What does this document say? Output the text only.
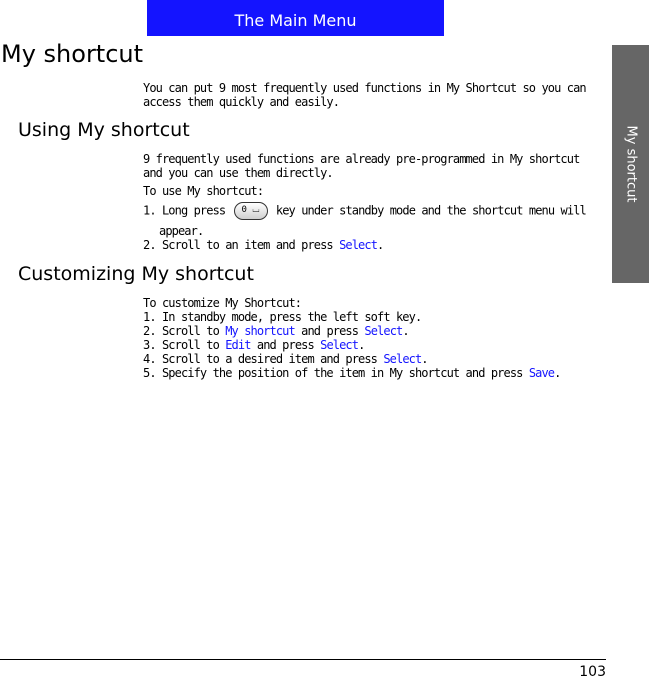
The Main Menu
My shortcut
My shortcut

You can put 9 most frequently used functions in My Shortcut so you can access them quickly and easily.

Using My shortcut

9 frequently used functions are already pre-programmed in My shortcut and you can use them directly.

To use My shortcut:

1. Long press	0 ⌴	key under standby mode and the shortcut menu will

appear.

2. Scroll to an item and press Select.

Customizing My shortcut

To customize My Shortcut:

1. In standby mode, press the left soft key.

2. Scroll to My shortcut and press Select.

3. Scroll to Edit and press Select.

4. Scroll to a desired item and press Select.

5. Specify the position of the item in My shortcut and press Save.

103
